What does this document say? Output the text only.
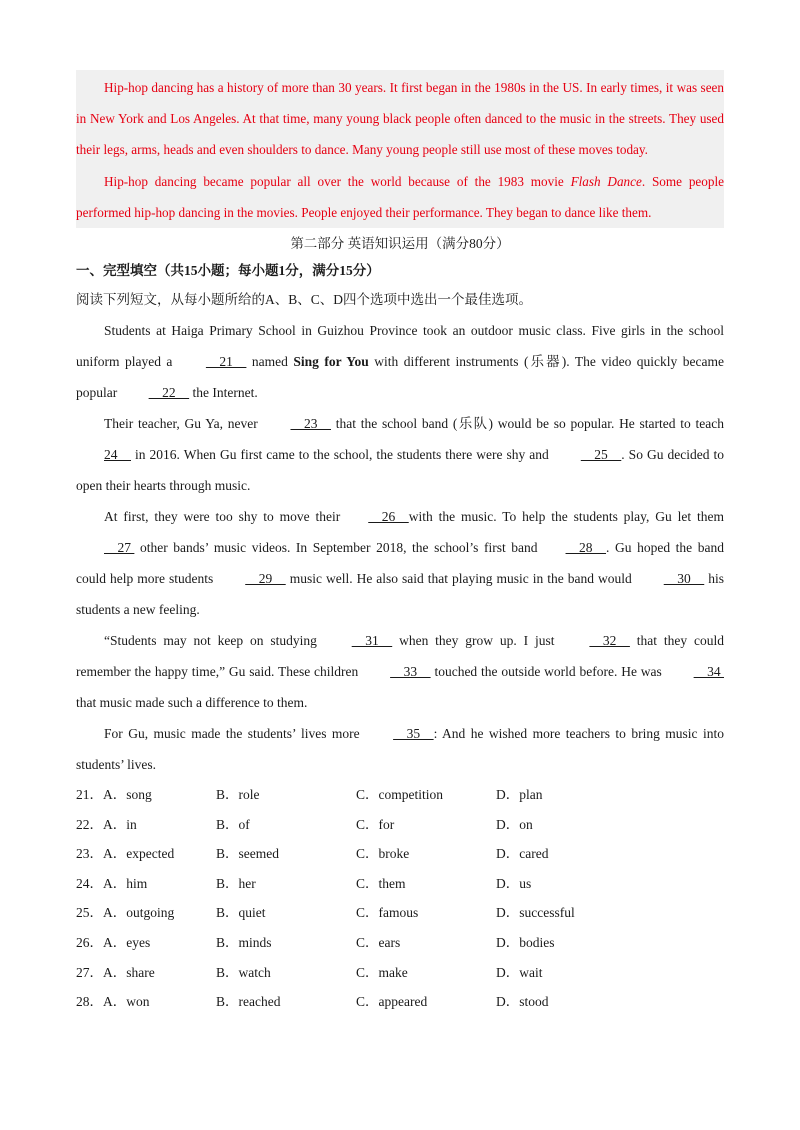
Hip-hop dancing has a history of more than 30 years. It first began in the 1980s in the US. In early times, it was seen in New York and Los Angeles. At that time, many young black people often danced to the music in the streets. They used their legs, arms, heads and even shoulders to dance. Many young people still use most of these moves today.

Hip-hop dancing became popular all over the world because of the 1983 movie Flash Dance. Some people performed hip-hop dancing in the movies. People enjoyed their performance. They began to dance like them.

第二部分 英语知识运用（满分80分）
一、完型填空（共15小题；每小题1分，满分15分）
阅读下列短文，从每小题所给的A、B、C、D四个选项中选出一个最佳选项。

Students at Haiga Primary School in Guizhou Province took an outdoor music class. Five girls in the school uniform played a     21     named Sing for You with different instruments (乐器). The video quickly became popular     22     the Internet.

Their teacher, Gu Ya, never     23     that the school band (乐队) would be so popular. He started to teach 24     in 2016. When Gu first came to the school, the students there were shy and     25    . So Gu decided to open their hearts through music.

At first, they were too shy to move their    26    with the music. To help the students play, Gu let them     27  other bands’ music videos. In September 2018, the school’s first band    28    . Gu hoped the band could help more students     29     music well. He also said that playing music in the band would     30     his students a new feeling.

“Students may not keep on studying     31     when they grow up. I just     32     that they could remember the happy time,” Gu said. These children     33     touched the outside world before. He was     34  that music made such a difference to them.

For Gu, music made the students’ lives more     35    : And he wished more teachers to bring music into students’ lives.

21．A．song	B．role	C．competition	D．plan
22．A．in	B．of	C．for	D．on
23．A．expected	B．seemed	C．broke	D．cared
24．A．him	B．her	C．them	D．us
25．A．outgoing	B．quiet	C．famous	D．successful
26．A．eyes	B．minds	C．ears	D．bodies
27．A．share	B．watch	C．make	D．wait
28．A．won	B．reached	C．appeared	D．stood
